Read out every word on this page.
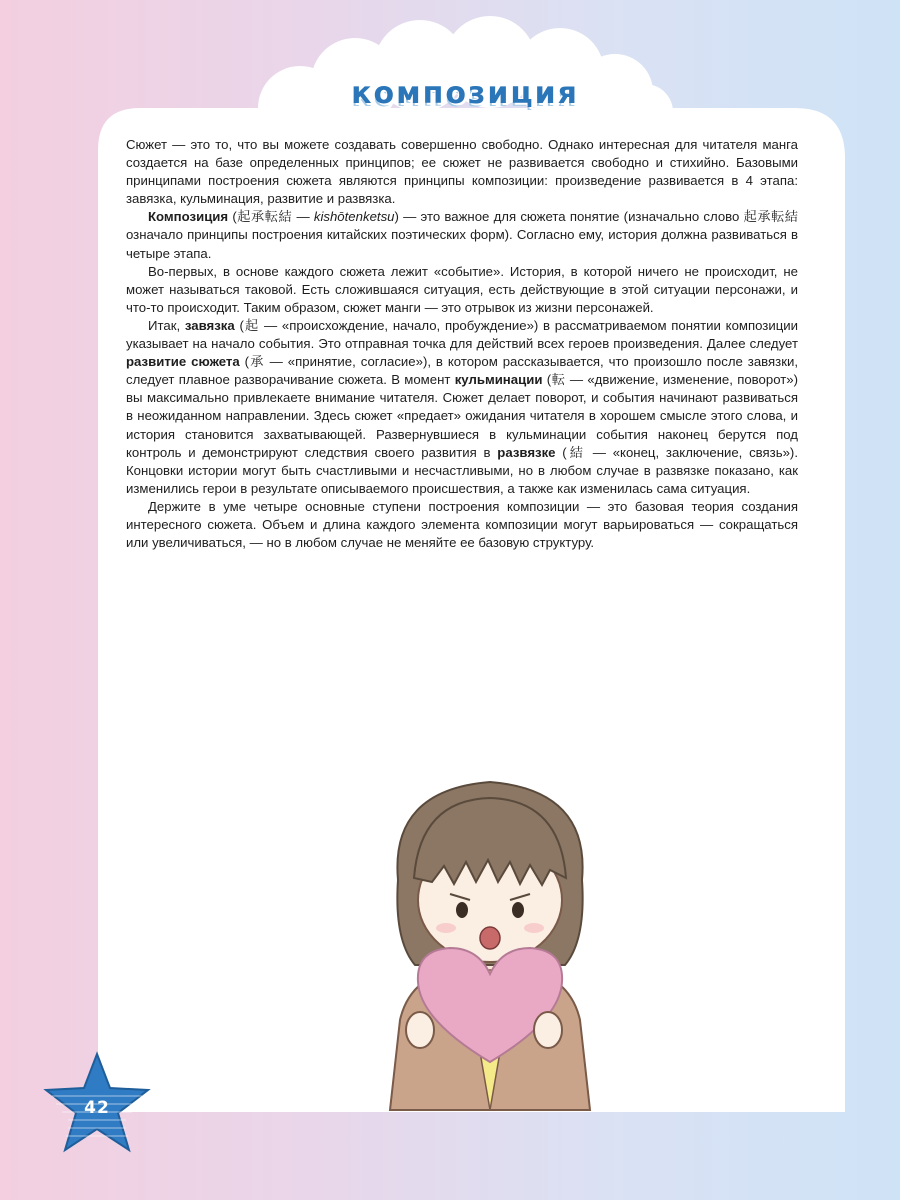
композиция

Сюжет — это то, что вы можете создавать совершенно свободно. Однако интересная для читателя манга создается на базе определенных принципов; ее сюжет не развивается свободно и стихийно. Базовыми принципами построения сюжета являются принципы композиции: произведение развивается в 4 этапа: завязка, кульминация, развитие и развязка.

Композиция (起承転結 — kishōtenketsu) — это важное для сюжета понятие (изначально слово 起承転結 означало принципы построения китайских поэтических форм). Согласно ему, история должна развиваться в четыре этапа.

Во-первых, в основе каждого сюжета лежит «событие». История, в которой ничего не происходит, не может называться таковой. Есть сложившаяся ситуация, есть действующие в этой ситуации персонажи, и что-то происходит. Таким образом, сюжет манги — это отрывок из жизни персонажей.

Итак, завязка (起 — «происхождение, начало, пробуждение») в рассматриваемом понятии композиции указывает на начало события. Это отправная точка для действий всех героев произведения. Далее следует развитие сюжета (承 — «принятие, согласие»), в котором рассказывается, что произошло после завязки, следует плавное разворачивание сюжета. В момент кульминации (転 — «движение, изменение, поворот») вы максимально привлекаете внимание читателя. Сюжет делает поворот, и события начинают развиваться в неожиданном направлении. Здесь сюжет «предает» ожидания читателя в хорошем смысле этого слова, и история становится захватывающей. Развернувшиеся в кульминации события наконец берутся под контроль и демонстрируют следствия своего развития в развязке (結 — «конец, заключение, связь»). Концовки истории могут быть счастливыми и несчастливыми, но в любом случае в развязке показано, как изменились герои в результате описываемого происшествия, а также как изменилась сама ситуация.

Держите в уме четыре основные ступени построения композиции — это базовая теория создания интересного сюжета. Объем и длина каждого элемента композиции могут варьироваться — сокращаться или увеличиваться, — но в любом случае не меняйте ее базовую структуру.

42
